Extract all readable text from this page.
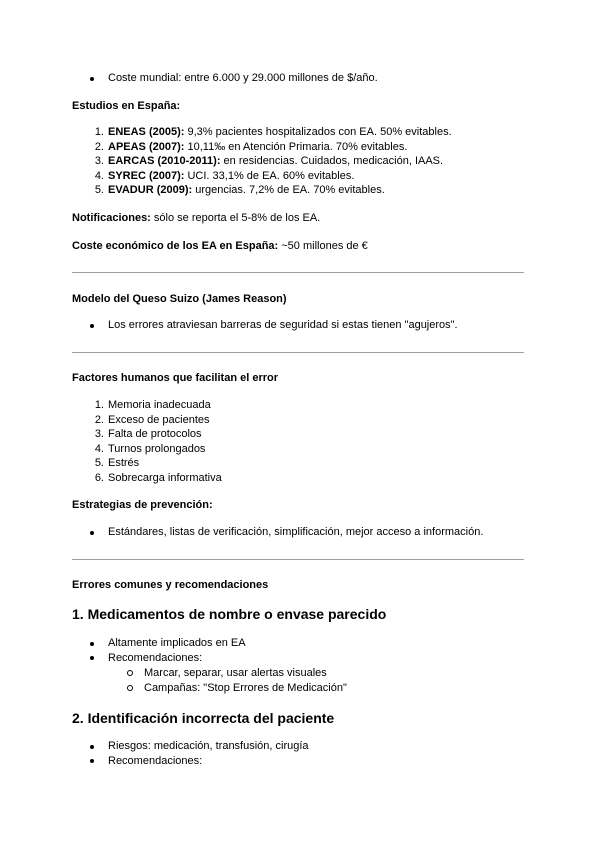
Coste mundial: entre 6.000 y 29.000 millones de $/año.
Estudios en España:
1. ENEAS (2005): 9,3% pacientes hospitalizados con EA. 50% evitables.
2. APEAS (2007): 10,11‰ en Atención Primaria. 70% evitables.
3. EARCAS (2010-2011): en residencias. Cuidados, medicación, IAAS.
4. SYREC (2007): UCI. 33,1% de EA. 60% evitables.
5. EVADUR (2009): urgencias. 7,2% de EA. 70% evitables.
Notificaciones: sólo se reporta el 5-8% de los EA.
Coste económico de los EA en España: ~50 millones de €
Modelo del Queso Suizo (James Reason)
Los errores atraviesan barreras de seguridad si estas tienen "agujeros".
Factores humanos que facilitan el error
1. Memoria inadecuada
2. Exceso de pacientes
3. Falta de protocolos
4. Turnos prolongados
5. Estrés
6. Sobrecarga informativa
Estrategias de prevención:
Estándares, listas de verificación, simplificación, mejor acceso a información.
Errores comunes y recomendaciones
1. Medicamentos de nombre o envase parecido
Altamente implicados en EA
Recomendaciones:
Marcar, separar, usar alertas visuales
Campañas: "Stop Errores de Medicación"
2. Identificación incorrecta del paciente
Riesgos: medicación, transfusión, cirugía
Recomendaciones:
